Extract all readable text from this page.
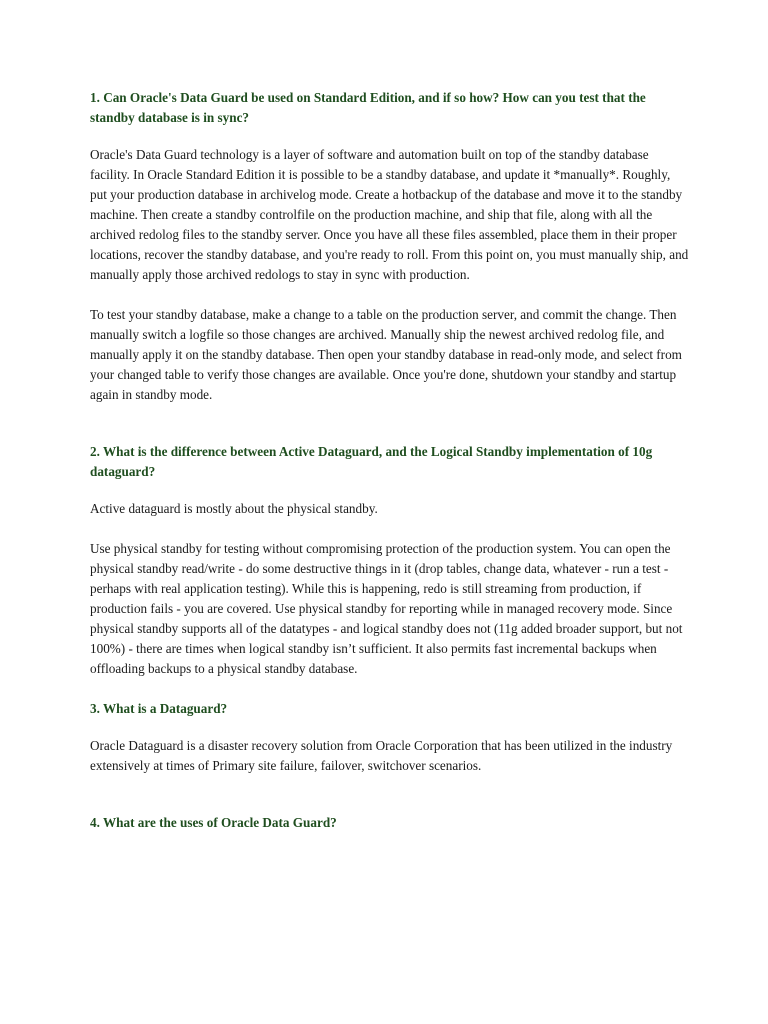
1. Can Oracle's Data Guard be used on Standard Edition, and if so how? How can you test that the standby database is in sync?

Oracle's Data Guard technology is a layer of software and automation built on top of the standby database facility. In Oracle Standard Edition it is possible to be a standby database, and update it *manually*. Roughly, put your production database in archivelog mode. Create a hotbackup of the database and move it to the standby machine. Then create a standby controlfile on the production machine, and ship that file, along with all the archived redolog files to the standby server. Once you have all these files assembled, place them in their proper locations, recover the standby database, and you're ready to roll. From this point on, you must manually ship, and manually apply those archived redologs to stay in sync with production.

To test your standby database, make a change to a table on the production server, and commit the change. Then manually switch a logfile so those changes are archived. Manually ship the newest archived redolog file, and manually apply it on the standby database. Then open your standby database in read-only mode, and select from your changed table to verify those changes are available. Once you're done, shutdown your standby and startup again in standby mode.

2. What is the difference between Active Dataguard, and the Logical Standby implementation of 10g dataguard?

Active dataguard is mostly about the physical standby.

Use physical standby for testing without compromising protection of the production system. You can open the physical standby read/write - do some destructive things in it (drop tables, change data, whatever - run a test - perhaps with real application testing). While this is happening, redo is still streaming from production, if production fails - you are covered. Use physical standby for reporting while in managed recovery mode. Since physical standby supports all of the datatypes - and logical standby does not (11g added broader support, but not 100%) - there are times when logical standby isn’t sufficient. It also permits fast incremental backups when offloading backups to a physical standby database.

3. What is a Dataguard?

Oracle Dataguard is a disaster recovery solution from Oracle Corporation that has been utilized in the industry extensively at times of Primary site failure, failover, switchover scenarios.

4. What are the uses of Oracle Data Guard?
